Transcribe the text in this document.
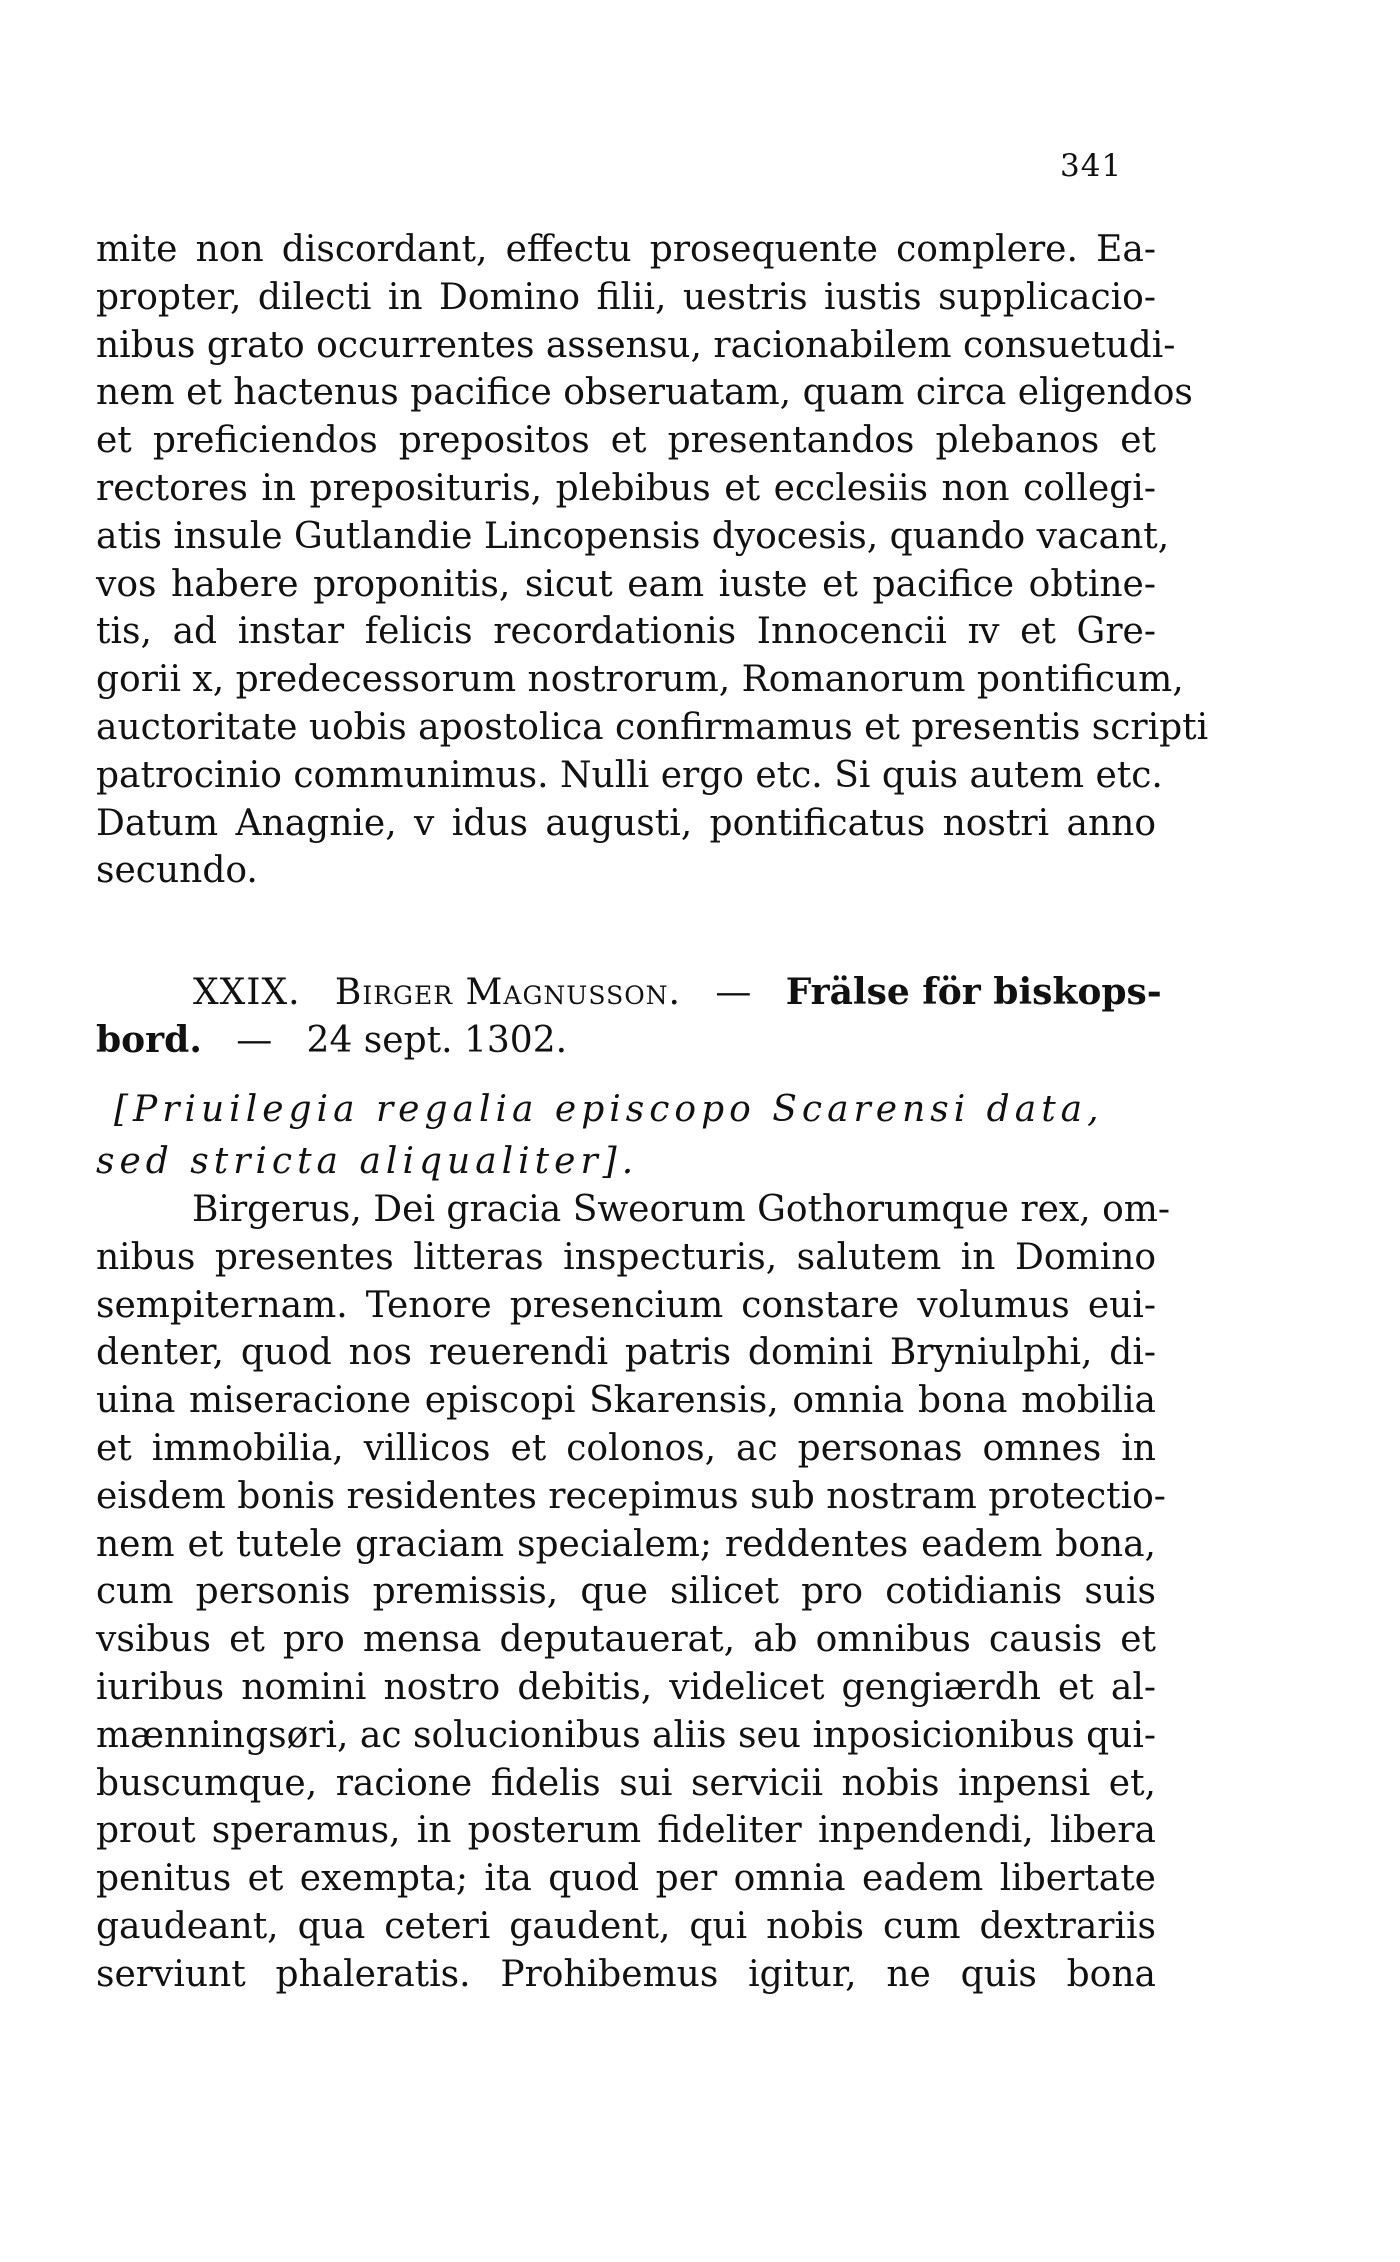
341
mite non discordant, effectu prosequente complere. Ea-
propter, dilecti in Domino filii, uestris iustis supplicacio-
nibus grato occurrentes assensu, racionabilem consuetudi-
nem et hactenus pacifice obseruatam, quam circa eligendos
et preficiendos prepositos et presentandos plebanos et
rectores in preposituris, plebibus et ecclesiis non collegi-
atis insule Gutlandie Lincopensis dyocesis, quando vacant,
vos habere proponitis, sicut eam iuste et pacifice obtine-
tis, ad instar felicis recordationis Innocencii ɪv et Gre-
gorii x, predecessorum nostrorum, Romanorum pontificum,
auctoritate uobis apostolica confirmamus et presentis scripti
patrocinio communimus. Nulli ergo etc. Si quis autem etc.
Datum Anagnie, v idus augusti, pontificatus nostri anno
secundo.
XXIX. Birger Magnusson. — Frälse för biskops-
bord. — 24 sept. 1302.
[Priuilegia regalia episcopo Scarensi data,
sed stricta aliqualiter].
Birgerus, Dei gracia Sweorum Gothorumque rex, om-
nibus presentes litteras inspecturis, salutem in Domino
sempiternam. Tenore presencium constare volumus eui-
denter, quod nos reuerendi patris domini Bryniulphi, di-
uina miseracione episcopi Skarensis, omnia bona mobilia
et immobilia, villicos et colonos, ac personas omnes in
eisdem bonis residentes recepimus sub nostram protectio-
nem et tutele graciam specialem; reddentes eadem bona,
cum personis premissis, que silicet pro cotidianis suis
vsibus et pro mensa deputauerat, ab omnibus causis et
iuribus nomini nostro debitis, videlicet gengiærdh et al-
mænningsøri, ac solucionibus aliis seu inposicionibus qui-
buscumque, racione fidelis sui servicii nobis inpensi et,
prout speramus, in posterum fideliter inpendendi, libera
penitus et exempta; ita quod per omnia eadem libertate
gaudeant, qua ceteri gaudent, qui nobis cum dextrariis
serviunt phaleratis. Prohibemus igitur, ne quis bona
